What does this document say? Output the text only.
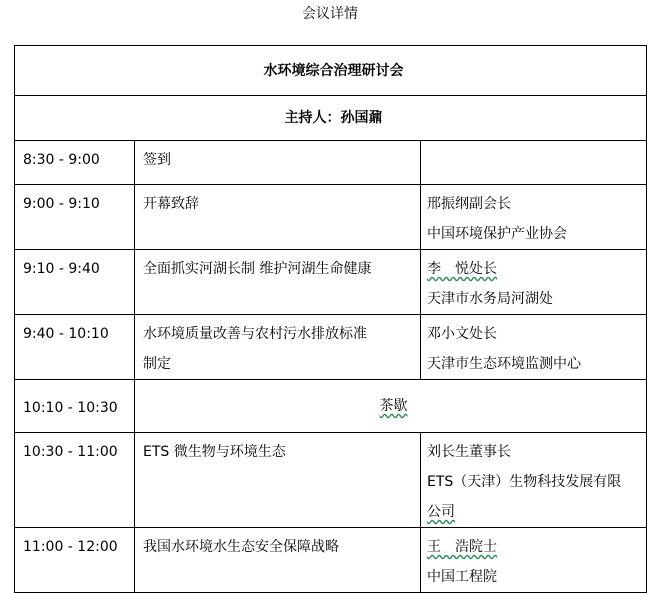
会议详情
水环境综合治理研讨会		
主持人：孙国鼐		
8:30 - 9:00	签到	

9:00 - 9:10	开幕致辞	邢振纲副会长
中国环境保护产业协会

9:10 - 9:40	全面抓实河湖长制 维护河湖生命健康	李　悦处长
天津市水务局河湖处

9:40 - 10:10	水环境质量改善与农村污水排放标准
制定	邓小文处长
天津市生态环境监测中心

10:10 - 10:30	茶歇	
10:30 - 11:00	ETS 微生物与环境生态	刘长生董事长
ETS（天津）生物科技发展有限
公司

11:00 - 12:00	我国水环境水生态安全保障战略	王　浩院士
中国工程院
